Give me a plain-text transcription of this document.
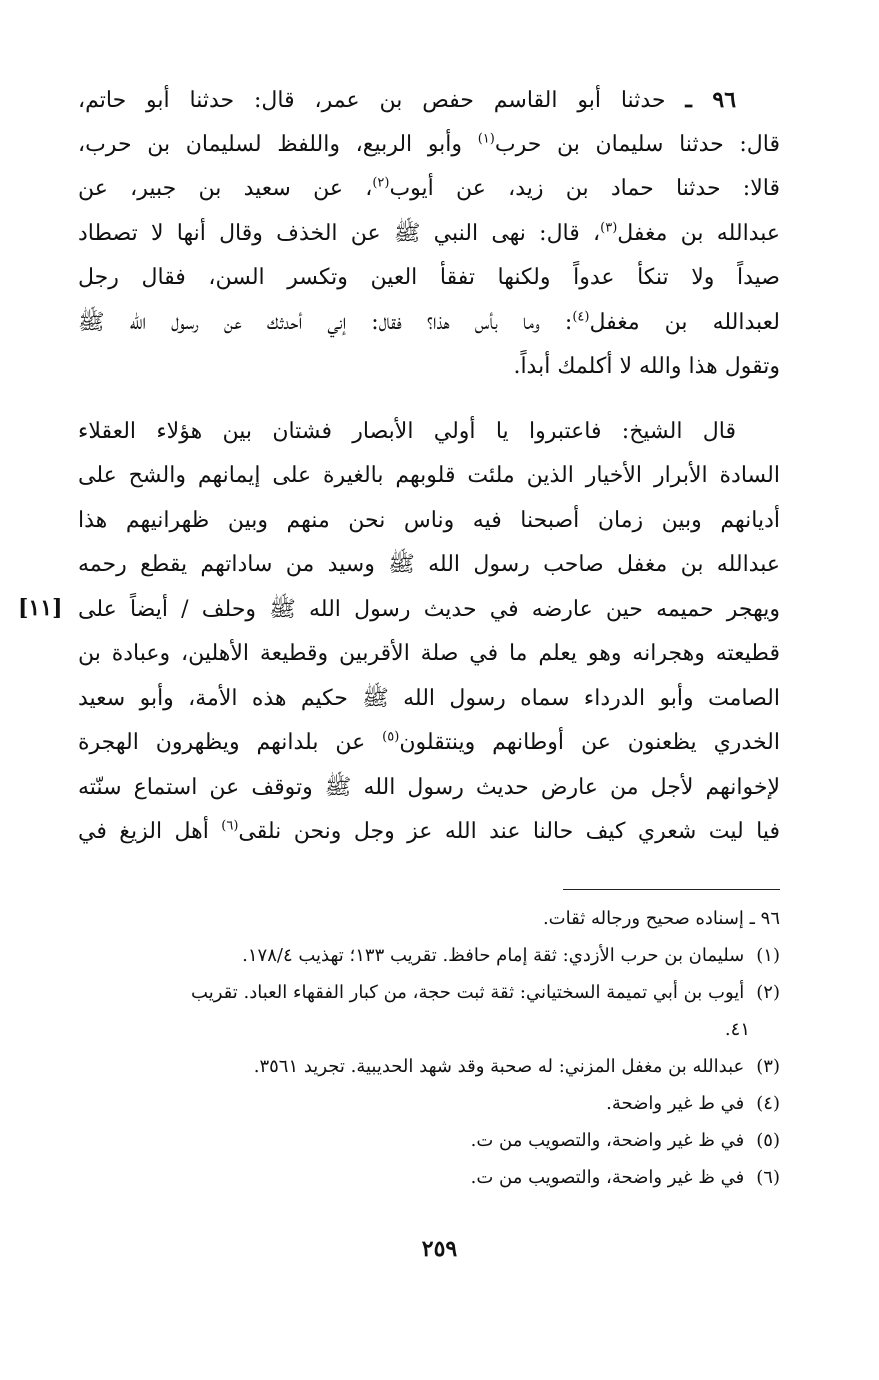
٩٦ ـ حدثنا أبو القاسم حفص بن عمر، قال: حدثنا أبو حاتم،
قال: حدثنا سليمان بن حرب$^{(١)}$ وأبو الربيع، واللفظ لسليمان بن حرب،
قالا: حدثنا حماد بن زيد، عن أيوب$^{(٢)}$، عن سعيد بن جبير، عن
عبدالله بن مغفل$^{(٣)}$، قال: نهى النبي ﷺ عن الخذف وقال أنها لا تصطاد
صيداً ولا تنكأ عدواً ولكنها تفقأ العين وتكسر السن، فقال رجل
لعبدالله بن مغفل$^{(٤)}$: وما بأس هذا؟ فقال: إني أحدثك عن رسول الله ﷺ
وتقول هذا والله لا أكلمك أبداً.
قال الشيخ: فاعتبروا يا أولي الأبصار فشتان بين هؤلاء العقلاء
السادة الأبرار الأخيار الذين ملئت قلوبهم بالغيرة على إيمانهم والشح على
أديانهم وبين زمان أصبحنا فيه وناس نحن منهم وبين ظهرانيهم هذا
عبدالله بن مغفل صاحب رسول الله ﷺ وسيد من ساداتهم يقطع رحمه
ويهجر حميمه حين عارضه في حديث رسول الله ﷺ وحلف / أيضاً على
قطيعته وهجرانه وهو يعلم ما في صلة الأقربين وقطيعة الأهلين، وعبادة بن
الصامت وأبو الدرداء سماه رسول الله ﷺ حكيم هذه الأمة، وأبو سعيد
الخدري يظعنون عن أوطانهم وينتقلون$^{(٥)}$ عن بلدانهم ويظهرون الهجرة
لإخوانهم لأجل من عارض حديث رسول الله ﷺ وتوقف عن استماع سنّته
فيا ليت شعري كيف حالنا عند الله عز وجل ونحن نلقى$^{(٦)}$ أهل الزيغ في
[١١]
٩٦ ـ إسناده صحيح ورجاله ثقات.
(١) سليمان بن حرب الأزدي: ثقة إمام حافظ. تقريب ١٣٣؛ تهذيب ١٧٨/٤.
(٢) أيوب بن أبي تميمة السختياني: ثقة ثبت حجة، من كبار الفقهاء العباد. تقريب
٤١.
(٣) عبدالله بن مغفل المزني: له صحبة وقد شهد الحديبية. تجريد ٣٥٦١.
(٤) في ط غير واضحة.
(٥) في ظ غير واضحة، والتصويب من ت.
(٦) في ظ غير واضحة، والتصويب من ت.
٢٥٩
